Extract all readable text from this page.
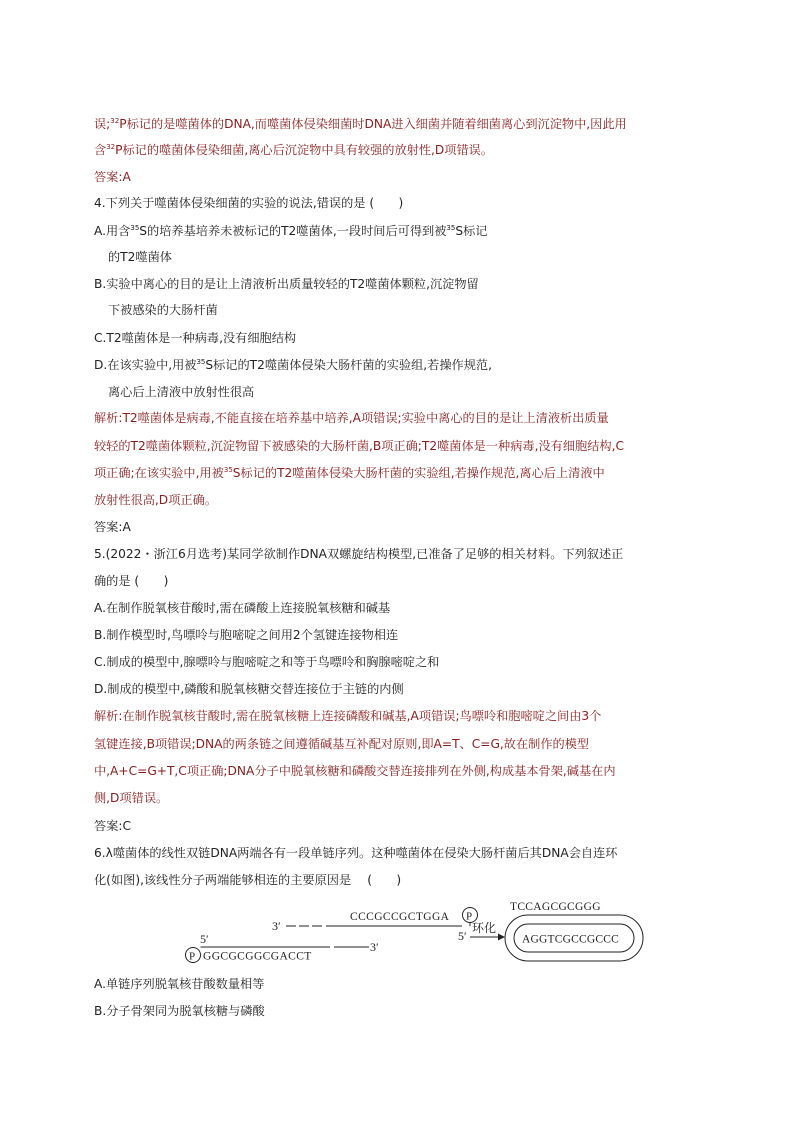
误;$^{32}$P标记的是噬菌体的DNA,而噬菌体侵染细菌时DNA进入细菌并随着细菌离心到沉淀物中,因此用
含$^{32}$P标记的噬菌体侵染细菌,离心后沉淀物中具有较强的放射性,D项错误。
答案:A
4.下列关于噬菌体侵染细菌的实验的说法,错误的是 (　　)
A.用含$^{35}$S的培养基培养未被标记的T2噬菌体,一段时间后可得到被$^{35}$S标记
的T2噬菌体
B.实验中离心的目的是让上清液析出质量较轻的T2噬菌体颗粒,沉淀物留
下被感染的大肠杆菌
C.T2噬菌体是一种病毒,没有细胞结构
D.在该实验中,用被$^{35}$S标记的T2噬菌体侵染大肠杆菌的实验组,若操作规范,
离心后上清液中放射性很高
解析:T2噬菌体是病毒,不能直接在培养基中培养,A项错误;实验中离心的目的是让上清液析出质量
较轻的T2噬菌体颗粒,沉淀物留下被感染的大肠杆菌,B项正确;T2噬菌体是一种病毒,没有细胞结构,C
项正确;在该实验中,用被$^{35}$S标记的T2噬菌体侵染大肠杆菌的实验组,若操作规范,离心后上清液中
放射性很高,D项正确。
答案:A
5.(2022・浙江6月选考)某同学欲制作DNA双螺旋结构模型,已准备了足够的相关材料。下列叙述正
确的是 (　　)
A.在制作脱氧核苷酸时,需在磷酸上连接脱氧核糖和碱基
B.制作模型时,鸟嘌呤与胞嘧啶之间用2个氢键连接物相连
C.制成的模型中,腺嘌呤与胞嘧啶之和等于鸟嘌呤和胸腺嘧啶之和
D.制成的模型中,磷酸和脱氧核糖交替连接位于主链的内侧
解析:在制作脱氧核苷酸时,需在脱氧核糖上连接磷酸和碱基,A项错误;鸟嘌呤和胞嘧啶之间由3个
氢键连接,B项错误;DNA的两条链之间遵循碱基互补配对原则,即A=T、C=G,故在制作的模型
中,A+C=G+T,C项正确;DNA分子中脱氧核糖和磷酸交替连接排列在外侧,构成基本骨架,碱基在内
侧,D项错误。
答案:C
6.λ噬菌体的线性双链DNA两端各有一段单链序列。这种噬菌体在侵染大肠杆菌后其DNA会自连环
化(如图),该线性分子两端能够相连的主要原因是 　(　　)
3′
CCCGCCGCTGGA P
5′
P GGCGCGGCGACCT
3′
5′
环化
TCCAGCGCGGG
AGGTCGCCGCCC
A.单链序列脱氧核苷酸数量相等
B.分子骨架同为脱氧核糖与磷酸
